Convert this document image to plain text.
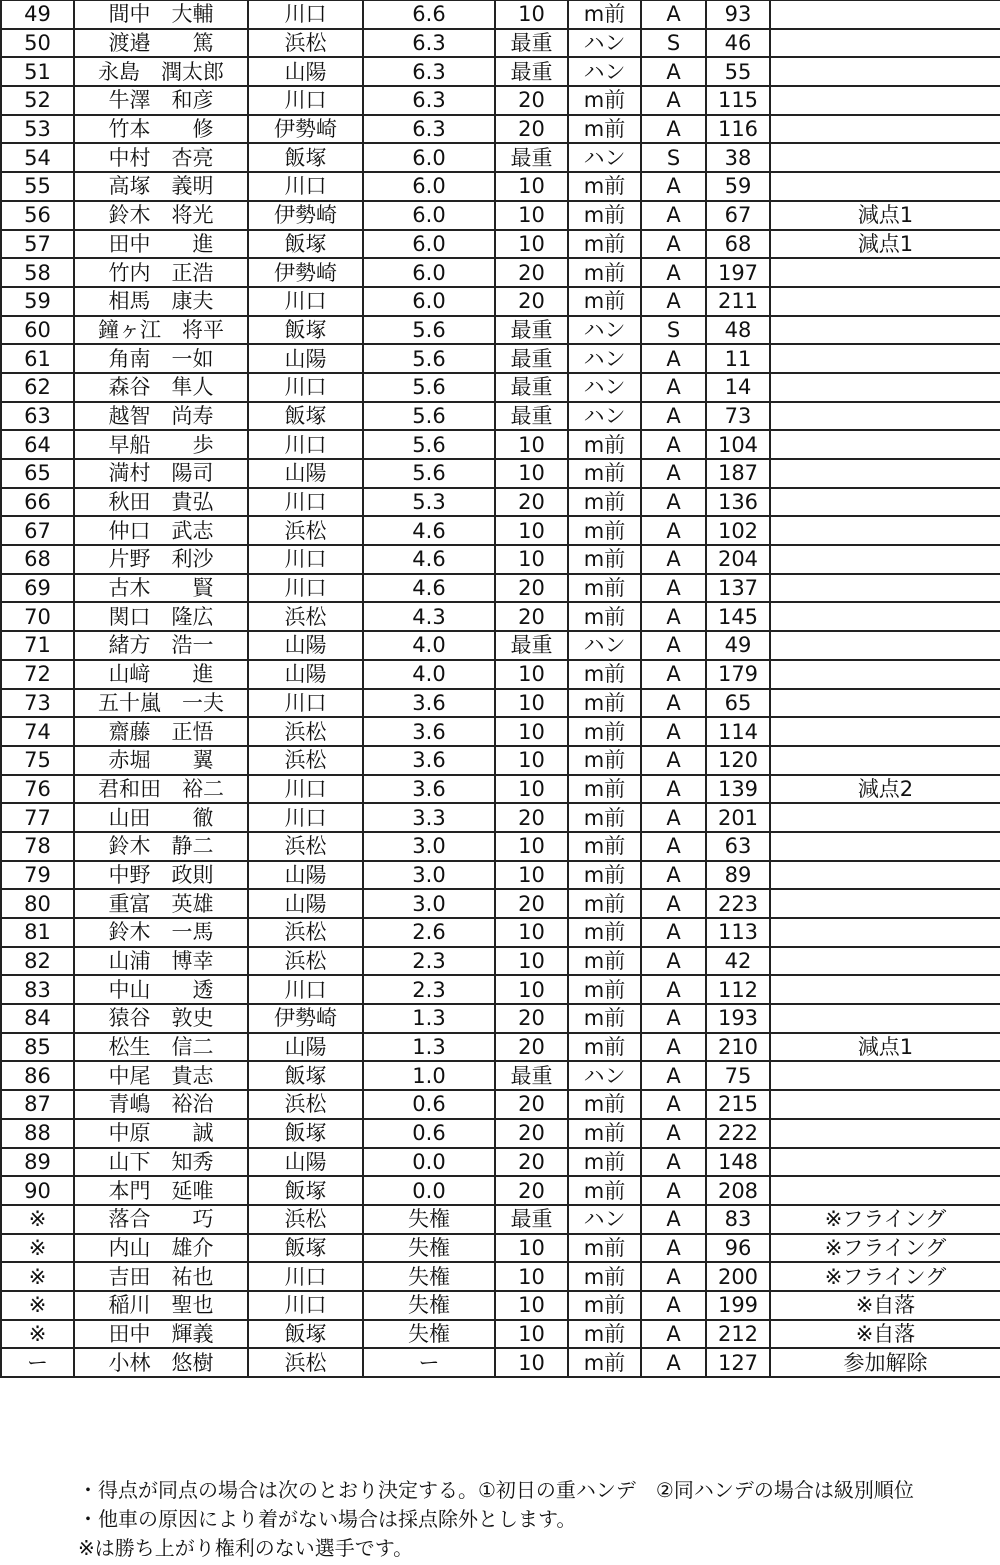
49	間中　大輔	川口	6.6	10	m前	A	93	
50	渡邉　　篤	浜松	6.3	最重	ハン	S	46	
51	永島　潤太郎	山陽	6.3	最重	ハン	A	55	
52	牛澤　和彦	川口	6.3	20	m前	A	115	
53	竹本　　修	伊勢崎	6.3	20	m前	A	116	
54	中村　杏亮	飯塚	6.0	最重	ハン	S	38	
55	高塚　義明	川口	6.0	10	m前	A	59	
56	鈴木　将光	伊勢崎	6.0	10	m前	A	67	減点1
57	田中　　進	飯塚	6.0	10	m前	A	68	減点1
58	竹内　正浩	伊勢崎	6.0	20	m前	A	197	
59	相馬　康夫	川口	6.0	20	m前	A	211	
60	鐘ヶ江　将平	飯塚	5.6	最重	ハン	S	48	
61	角南　一如	山陽	5.6	最重	ハン	A	11	
62	森谷　隼人	川口	5.6	最重	ハン	A	14	
63	越智　尚寿	飯塚	5.6	最重	ハン	A	73	
64	早船　　歩	川口	5.6	10	m前	A	104	
65	満村　陽司	山陽	5.6	10	m前	A	187	
66	秋田　貴弘	川口	5.3	20	m前	A	136	
67	仲口　武志	浜松	4.6	10	m前	A	102	
68	片野　利沙	川口	4.6	10	m前	A	204	
69	古木　　賢	川口	4.6	20	m前	A	137	
70	関口　隆広	浜松	4.3	20	m前	A	145	
71	緒方　浩一	山陽	4.0	最重	ハン	A	49	
72	山﨑　　進	山陽	4.0	10	m前	A	179	
73	五十嵐　一夫	川口	3.6	10	m前	A	65	
74	齋藤　正悟	浜松	3.6	10	m前	A	114	
75	赤堀　　翼	浜松	3.6	10	m前	A	120	
76	君和田　裕二	川口	3.6	10	m前	A	139	減点2
77	山田　　徹	川口	3.3	20	m前	A	201	
78	鈴木　静二	浜松	3.0	10	m前	A	63	
79	中野　政則	山陽	3.0	10	m前	A	89	
80	重富　英雄	山陽	3.0	20	m前	A	223	
81	鈴木　一馬	浜松	2.6	10	m前	A	113	
82	山浦　博幸	浜松	2.3	10	m前	A	42	
83	中山　　透	川口	2.3	10	m前	A	112	
84	猿谷　敦史	伊勢崎	1.3	20	m前	A	193	
85	松生　信二	山陽	1.3	20	m前	A	210	減点1
86	中尾　貴志	飯塚	1.0	最重	ハン	A	75	
87	青嶋　裕治	浜松	0.6	20	m前	A	215	
88	中原　　誠	飯塚	0.6	20	m前	A	222	
89	山下　知秀	山陽	0.0	20	m前	A	148	
90	本門　延唯	飯塚	0.0	20	m前	A	208	
※	落合　　巧	浜松	失権	最重	ハン	A	83	※フライング
※	内山　雄介	飯塚	失権	10	m前	A	96	※フライング
※	吉田　祐也	川口	失権	10	m前	A	200	※フライング
※	稲川　聖也	川口	失権	10	m前	A	199	※自落
※	田中　輝義	飯塚	失権	10	m前	A	212	※自落
ー	小林　悠樹	浜松	ー	10	m前	A	127	参加解除
・得点が同点の場合は次のとおり決定する。①初日の重ハンデ　②同ハンデの場合は級別順位
・他車の原因により着がない場合は採点除外とします。
※は勝ち上がり権利のない選手です。
